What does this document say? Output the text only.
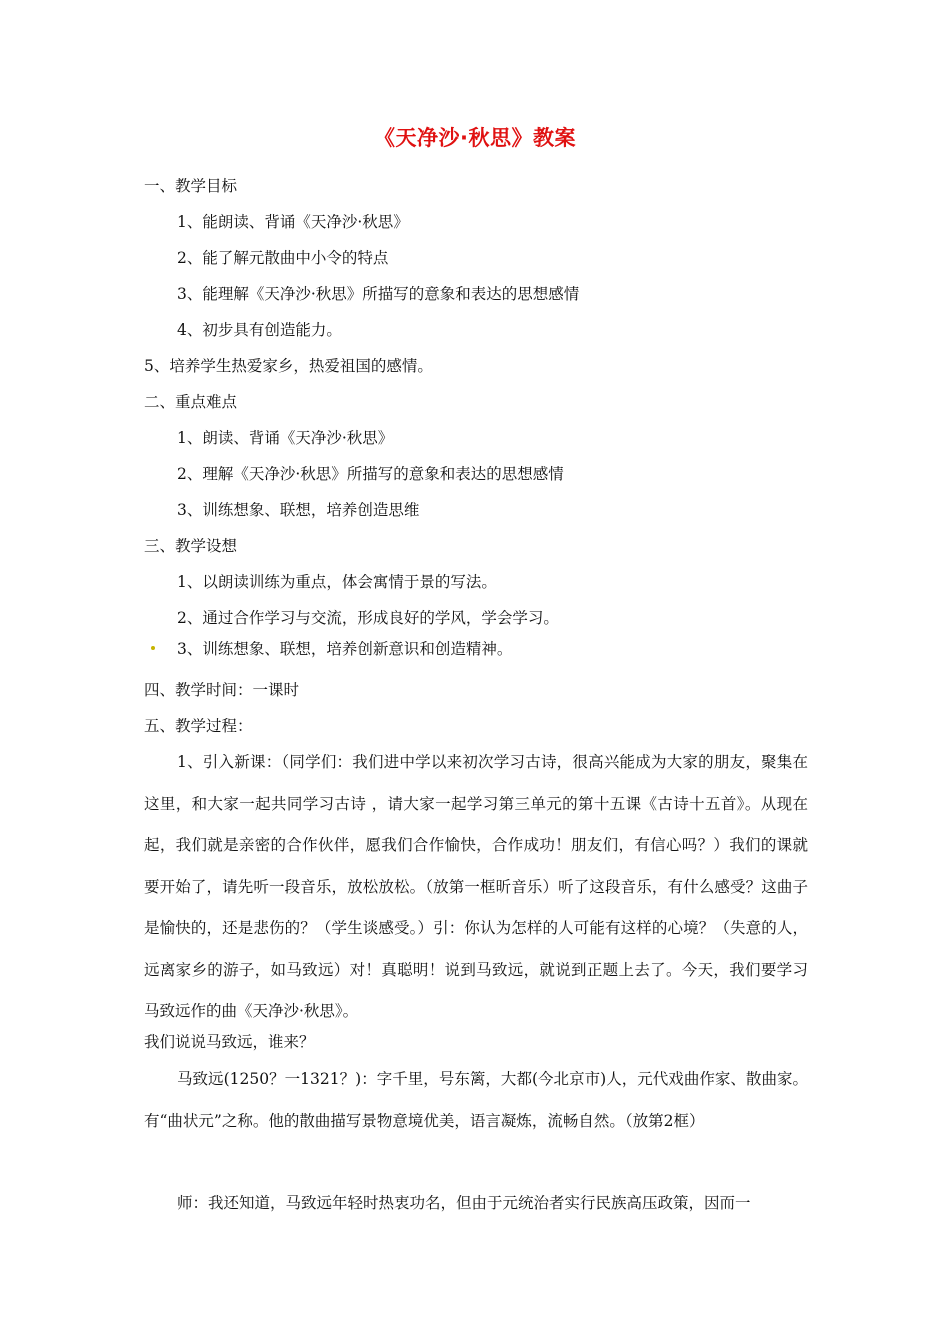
《天净沙·秋思》教案
一、教学目标
1、能朗读、背诵《天净沙·秋思》
2、能了解元散曲中小令的特点
3、能理解《天净沙·秋思》所描写的意象和表达的思想感情
4、初步具有创造能力。
5、培养学生热爱家乡，热爱祖国的感情。
二、重点难点
1、朗读、背诵《天净沙·秋思》
2、理解《天净沙·秋思》所描写的意象和表达的思想感情
3、训练想象、联想，培养创造思维
三、教学设想
1、以朗读训练为重点，体会寓情于景的写法。
2、通过合作学习与交流，形成良好的学风，学会学习。
3、训练想象、联想，培养创新意识和创造精神。
四、教学时间：一课时
五、教学过程：
1、引入新课：（同学们：我们进中学以来初次学习古诗，很高兴能成为大家的朋友，聚集在这里，和大家一起共同学习古诗 ，请大家一起学习第三单元的第十五课《古诗十五首》。从现在起，我们就是亲密的合作伙伴，愿我们合作愉快，合作成功！朋友们，有信心吗？）我们的课就要开始了，请先听一段音乐，放松放松。（放第一框昕音乐）听了这段音乐，有什么感受？这曲子是愉快的，还是悲伤的？（学生谈感受。）引：你认为怎样的人可能有这样的心境？（失意的人，远离家乡的游子，如马致远）对！真聪明！说到马致远，就说到正题上去了。今天，我们要学习马致远作的曲《天净沙·秋思》。
我们说说马致远，谁来？
马致远(1250？一1321？)：字千里，号东篱，大都(今北京市)人，元代戏曲作家、散曲家。有“曲状元”之称。他的散曲描写景物意境优美，语言凝炼，流畅自然。（放第2框）
师：我还知道，马致远年轻时热衷功名，但由于元统治者实行民族高压政策，因而一
